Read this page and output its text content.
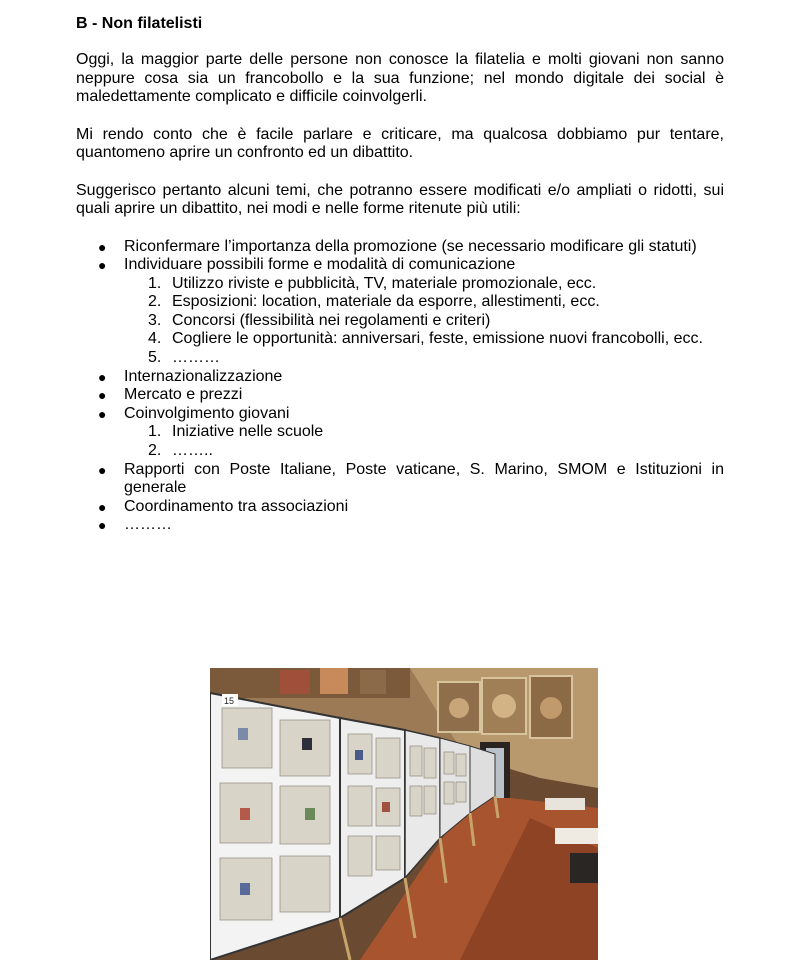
B - Non filatelisti

Oggi, la maggior parte delle persone non conosce la filatelia e molti giovani non sanno neppure cosa sia un francobollo e la sua funzione; nel mondo digitale dei social è maledettamente complicato e difficile coinvolgerli.

Mi rendo conto che è facile parlare e criticare, ma qualcosa dobbiamo pur tentare, quantomeno aprire un confronto ed un dibattito.

Suggerisco pertanto alcuni temi, che potranno essere modificati e/o ampliati o ridotti, sui quali aprire un dibattito, nei modi e nelle forme ritenute più utili:

● Riconfermare l’importanza della promozione (se necessario modificare gli statuti)
● Individuare possibili forme e modalità di comunicazione
1. Utilizzo riviste e pubblicità, TV, materiale promozionale, ecc.
2. Esposizioni: location, materiale da esporre, allestimenti, ecc.
3. Concorsi (flessibilità nei regolamenti e criteri)
4. Cogliere le opportunità: anniversari, feste, emissione nuovi francobolli, ecc.
5. ………
● Internazionalizzazione
● Mercato e prezzi
● Coinvolgimento giovani
1. Iniziative nelle scuole
2. ……..
● Rapporti con Poste Italiane, Poste vaticane, S. Marino, SMOM e Istituzioni in generale
● Coordinamento tra associazioni
● ………
15
